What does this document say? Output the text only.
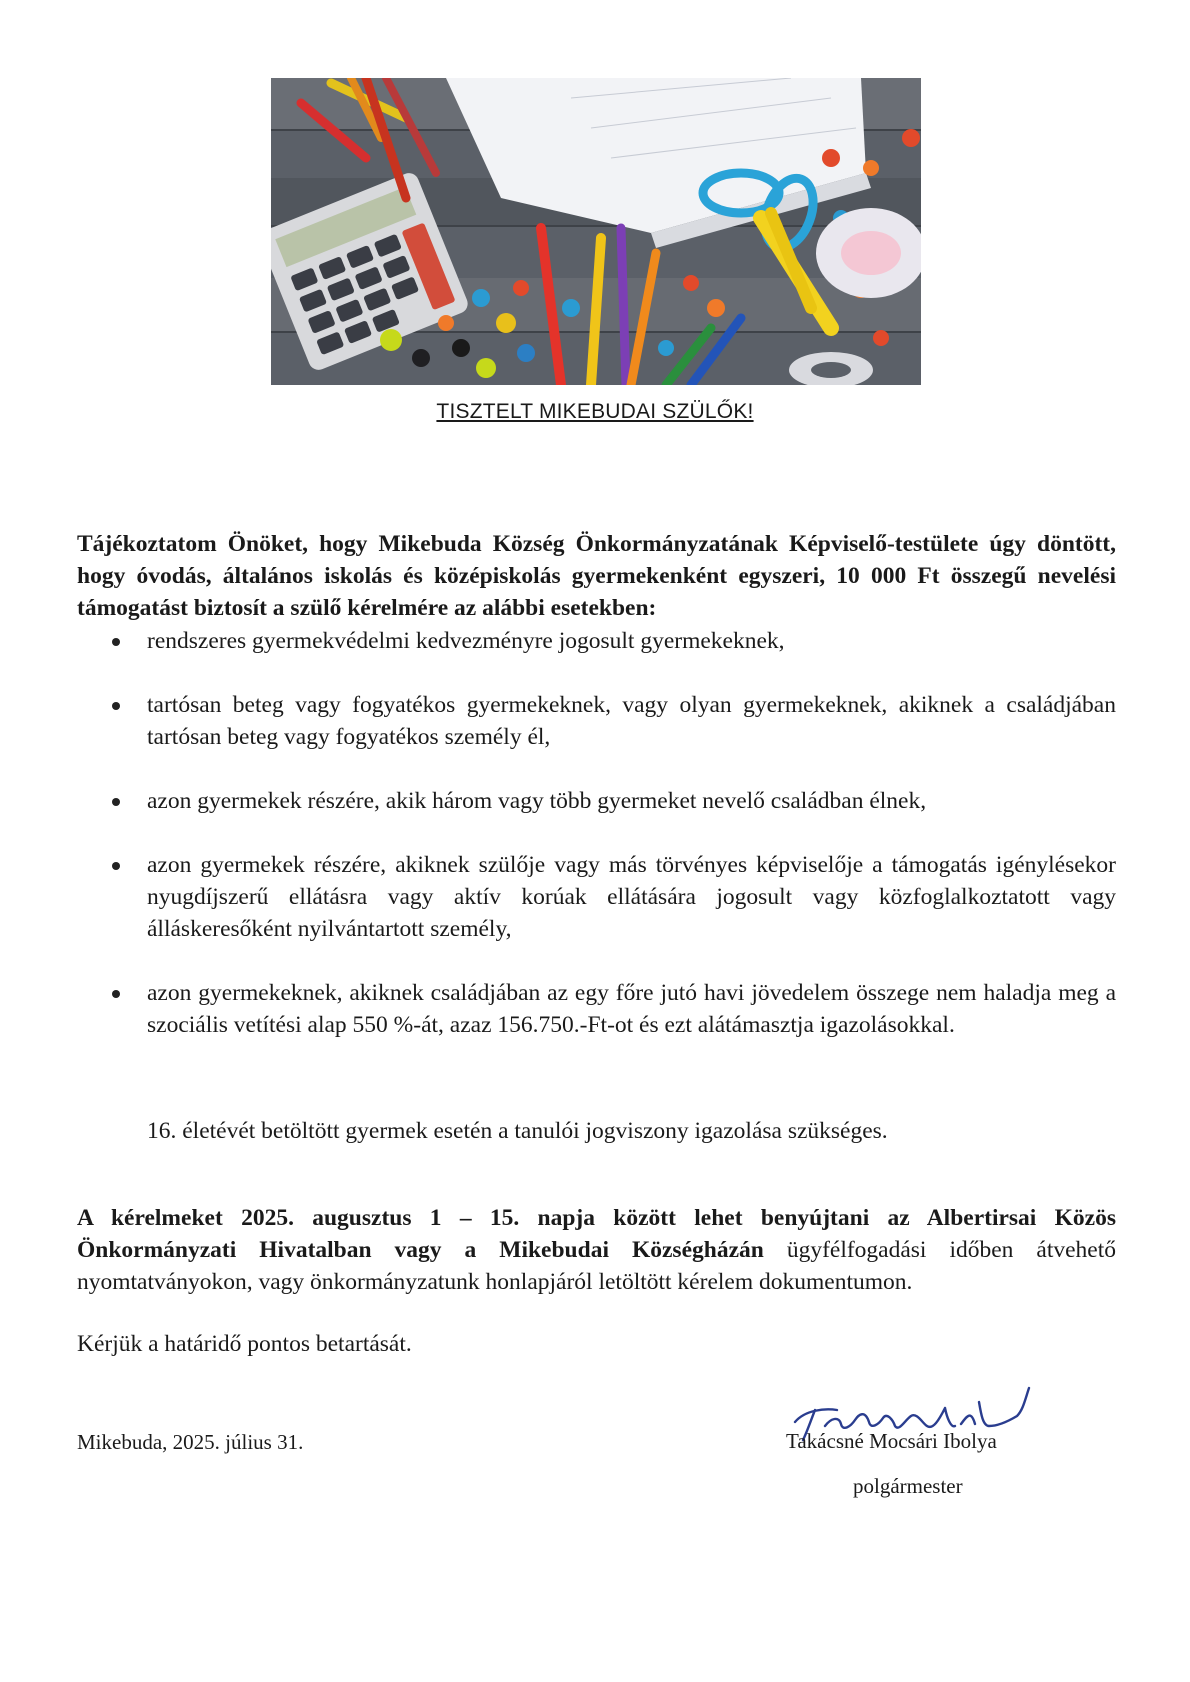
TISZTELT MIKEBUDAI SZÜLŐK!

Tájékoztatom Önöket, hogy Mikebuda Község Önkormányzatának Képviselő-testülete úgy döntött, hogy óvodás, általános iskolás és középiskolás gyermekenként egyszeri, 10 000 Ft összegű nevelési támogatást biztosít a szülő kérelmére az alábbi esetekben:

rendszeres gyermekvédelmi kedvezményre jogosult gyermekeknek,
tartósan beteg vagy fogyatékos gyermekeknek, vagy olyan gyermekeknek, akiknek a családjában tartósan beteg vagy fogyatékos személy él,
azon gyermekek részére, akik három vagy több gyermeket nevelő családban élnek,
azon gyermekek részére, akiknek szülője vagy más törvényes képviselője a támogatás igénylésekor nyugdíjszerű ellátásra vagy aktív korúak ellátására jogosult vagy közfoglalkoztatott vagy álláskeresőként nyilvántartott személy,
azon gyermekeknek, akiknek családjában az egy főre jutó havi jövedelem összege nem haladja meg a szociális vetítési alap 550 %-át, azaz 156.750.-Ft-ot és ezt alátámasztja igazolásokkal.
16. életévét betöltött gyermek esetén a tanulói jogviszony igazolása szükséges.

A kérelmeket 2025. augusztus 1 – 15. napja között lehet benyújtani az Albertirsai Közös Önkormányzati Hivatalban vagy a Mikebudai Községházán ügyfélfogadási időben átvehető nyomtatványokon, vagy önkormányzatunk honlapjáról letöltött kérelem dokumentumon.

Kérjük a határidő pontos betartását.
Mikebuda, 2025. július 31.	Takácsné Mocsári Ibolya
polgármester
